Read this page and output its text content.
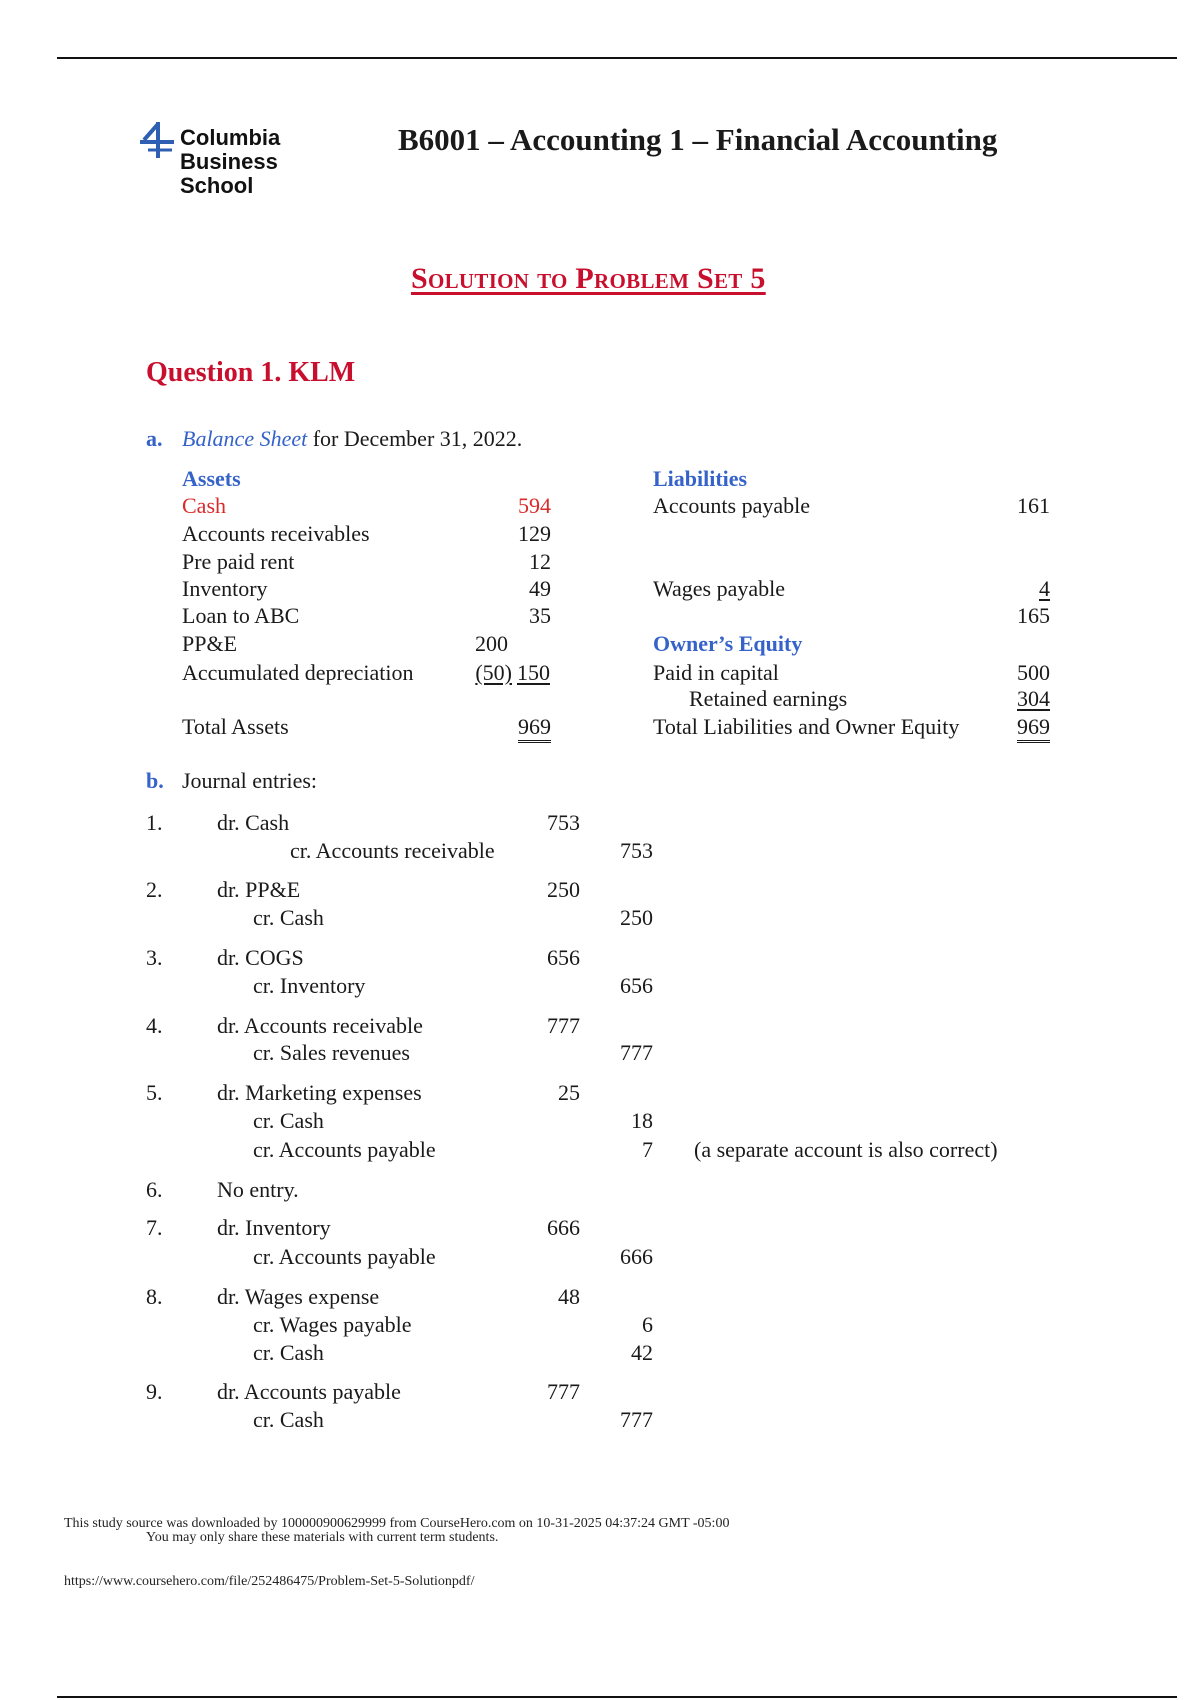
Columbia
Business
School
B6001 – Accounting 1 – Financial Accounting
Solution to Problem Set 5
Question 1. KLM
a. Balance Sheet for December 31, 2022.
Assets
Cash	594
Accounts receivables	129
Pre paid rent	12
Inventory	49
Loan to ABC	35
PP&E	200
Accumulated depreciation	(50) 150
Total Assets	969
Liabilities
Accounts payable	161
Wages payable	4
165
Owner’s Equity
Paid in capital	500
Retained earnings	304
Total Liabilities and Owner Equity	969
b. Journal entries:
1. dr. Cash	753
cr. Accounts receivable	753
2. dr. PP&E	250
cr. Cash	250
3. dr. COGS	656
cr. Inventory	656
4. dr. Accounts receivable	777
cr. Sales revenues	777
5. dr. Marketing expenses	25
cr. Cash	18
cr. Accounts payable	7 (a separate account is also correct)
6. No entry.
7. dr. Inventory	666
cr. Accounts payable	666
8. dr. Wages expense	48
cr. Wages payable	6
cr. Cash	42
9. dr. Accounts payable	777
cr. Cash	777
This study source was downloaded by 100000900629999 from CourseHero.com on 10-31-2025 04:37:24 GMT -05:00
You may only share these materials with current term students.
https://www.coursehero.com/file/252486475/Problem-Set-5-Solutionpdf/
